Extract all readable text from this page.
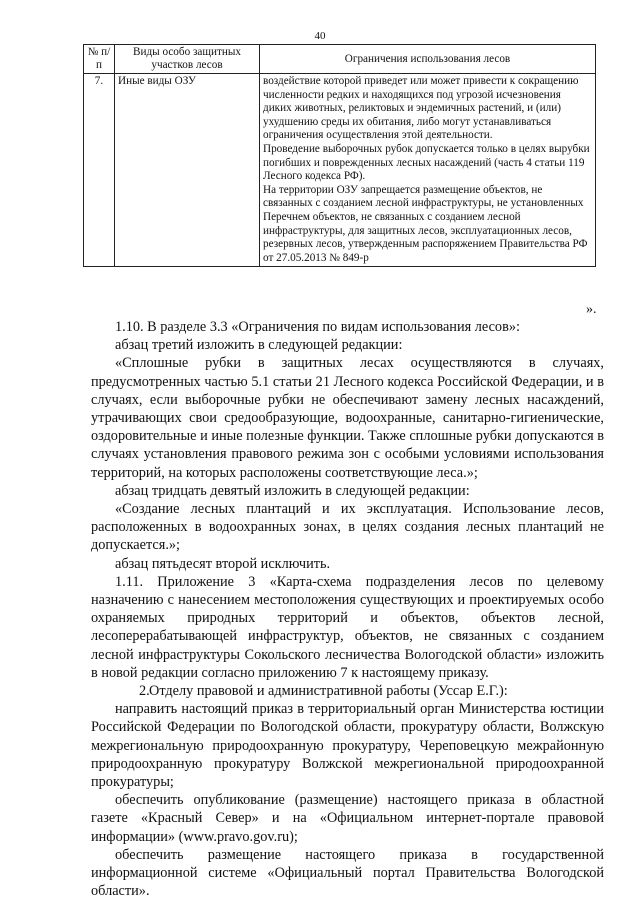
40
№ п/п	Виды особо защитных участков лесов	Ограничения использования лесов
7.	Иные виды ОЗУ	воздействие которой приведет или может привести к сокращению численности редких и находящихся под угрозой исчезновения диких животных, реликтовых и эндемичных растений, и (или) ухудшению среды их обитания, либо могут устанавливаться ограничения осуществления этой деятельности.
Проведение выборочных рубок допускается только в целях вырубки погибших и поврежденных лесных насаждений (часть 4 статьи 119 Лесного кодекса РФ).
На территории ОЗУ запрещается размещение объектов, не связанных с созданием лесной инфраструктуры, не установленных Перечнем объектов, не связанных с созданием лесной инфраструктуры, для защитных лесов, эксплуатационных лесов, резервных лесов, утвержденным распоряжением Правительства РФ от 27.05.2013 № 849-р
».

1.10. В разделе 3.3 «Ограничения по видам использования лесов»:

абзац третий изложить в следующей редакции:

«Сплошные рубки в защитных лесах осуществляются в случаях, предусмотренных частью 5.1 статьи 21 Лесного кодекса Российской Федерации, и в случаях, если выборочные рубки не обеспечивают замену лесных насаждений, утрачивающих свои средообразующие, водоохранные, санитарно-гигиенические, оздоровительные и иные полезные функции. Также сплошные рубки допускаются в случаях установления правового режима зон с особыми условиями использования территорий, на которых расположены соответствующие леса.»;

абзац тридцать девятый изложить в следующей редакции:

«Создание лесных плантаций и их эксплуатация. Использование лесов, расположенных в водоохранных зонах, в целях создания лесных плантаций не допускается.»;

абзац пятьдесят второй исключить.

1.11. Приложение 3 «Карта-схема подразделения лесов по целевому назначению с нанесением местоположения существующих и проектируемых особо охраняемых природных территорий и объектов, объектов лесной, лесоперерабатывающей инфраструктур, объектов, не связанных с созданием лесной инфраструктуры Сокольского лесничества Вологодской области» изложить в новой редакции согласно приложению 7 к настоящему приказу.

2.Отделу правовой и административной работы (Уссар Е.Г.):

направить настоящий приказ в территориальный орган Министерства юстиции Российской Федерации по Вологодской области, прокуратуру области, Волжскую межрегиональную природоохранную прокуратуру, Череповецкую межрайонную природоохранную прокуратуру Волжской межрегиональной природоохранной прокуратуры;

обеспечить опубликование (размещение) настоящего приказа в областной газете «Красный Север» и на «Официальном интернет-портале правовой информации» (www.pravo.gov.ru);

обеспечить размещение настоящего приказа в государственной информационной системе «Официальный портал Правительства Вологодской области».
